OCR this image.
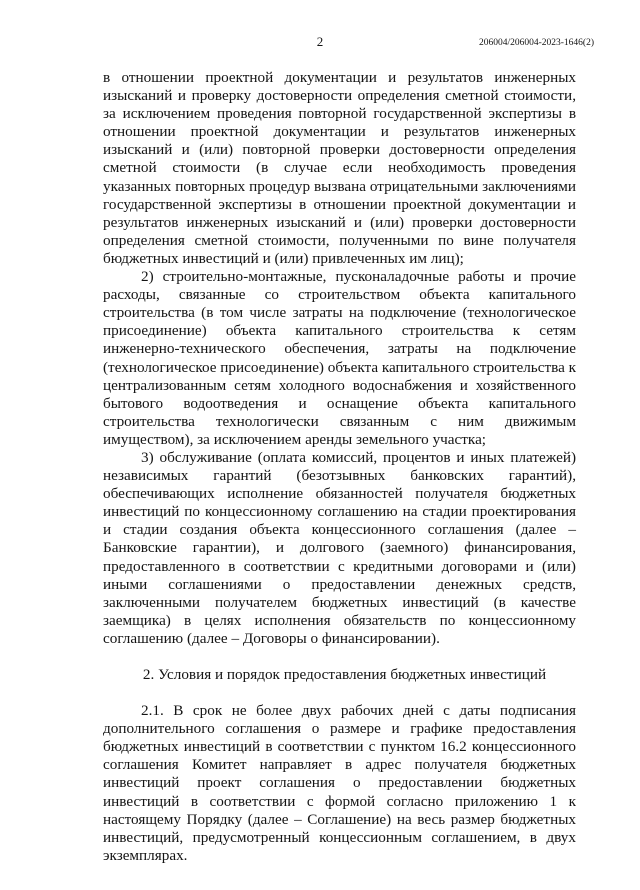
2	206004/206004-2023-1646(2)

в отношении проектной документации и результатов инженерных изысканий и проверку достоверности определения сметной стоимости, за исключением проведения повторной государственной экспертизы в отношении проектной документации и результатов инженерных изысканий и (или) повторной проверки достоверности определения сметной стоимости (в случае если необходимость проведения указанных повторных процедур вызвана отрицательными заключениями государственной экспертизы в отношении проектной документации и результатов инженерных изысканий и (или) проверки достоверности определения сметной стоимости, полученными по вине получателя бюджетных инвестиций и (или) привлеченных им лиц);

2) строительно-монтажные, пусконаладочные работы и прочие расходы, связанные со строительством объекта капитального строительства (в том числе затраты на подключение (технологическое присоединение) объекта капитального строительства к сетям инженерно-технического обеспечения, затраты на подключение (технологическое присоединение) объекта капитального строительства к централизованным сетям холодного водоснабжения и хозяйственного бытового водоотведения и оснащение объекта капитального строительства технологически связанным с ним движимым имуществом), за исключением аренды земельного участка;

3) обслуживание (оплата комиссий, процентов и иных платежей) независимых гарантий (безотзывных банковских гарантий), обеспечивающих исполнение обязанностей получателя бюджетных инвестиций по концессионному соглашению на стадии проектирования и стадии создания объекта концессионного соглашения (далее – Банковские гарантии), и долгового (заемного) финансирования, предоставленного в соответствии с кредитными договорами и (или) иными соглашениями о предоставлении денежных средств, заключенными получателем бюджетных инвестиций (в качестве заемщика) в целях исполнения обязательств по концессионному соглашению (далее – Договоры о финансировании).

2. Условия и порядок предоставления бюджетных инвестиций

2.1. В срок не более двух рабочих дней с даты подписания дополнительного соглашения о размере и графике предоставления бюджетных инвестиций в соответствии с пунктом 16.2 концессионного соглашения Комитет направляет в адрес получателя бюджетных инвестиций проект соглашения о предоставлении бюджетных инвестиций в соответствии с формой согласно приложению 1 к настоящему Порядку (далее – Соглашение) на весь размер бюджетных инвестиций, предусмотренный концессионным соглашением, в двух экземплярах.
